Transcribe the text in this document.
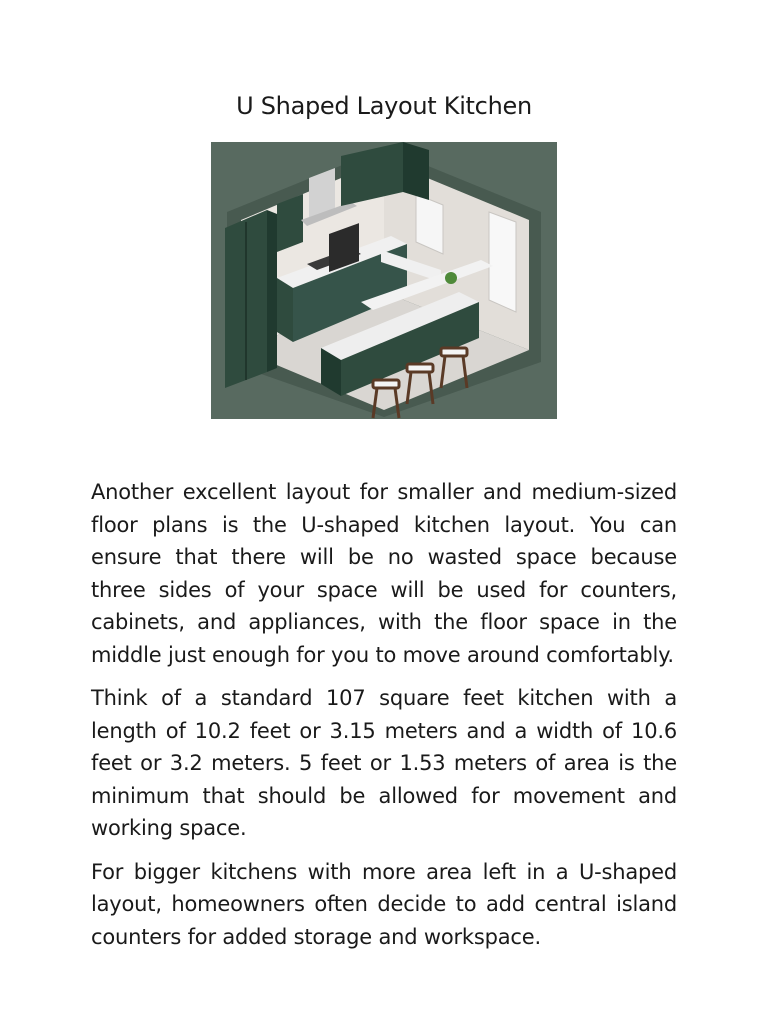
U Shaped Layout Kitchen

Another excellent layout for smaller and medium-sized floor plans is the U-shaped kitchen layout. You can ensure that there will be no wasted space because three sides of your space will be used for counters, cabinets, and appliances, with the floor space in the middle just enough for you to move around comfortably.

Think of a standard 107 square feet kitchen with a length of 10.2 feet or 3.15 meters and a width of 10.6 feet or 3.2 meters. 5 feet or 1.53 meters of area is the minimum that should be allowed for movement and working space.

For bigger kitchens with more area left in a U-shaped layout, homeowners often decide to add central island counters for added storage and workspace.
